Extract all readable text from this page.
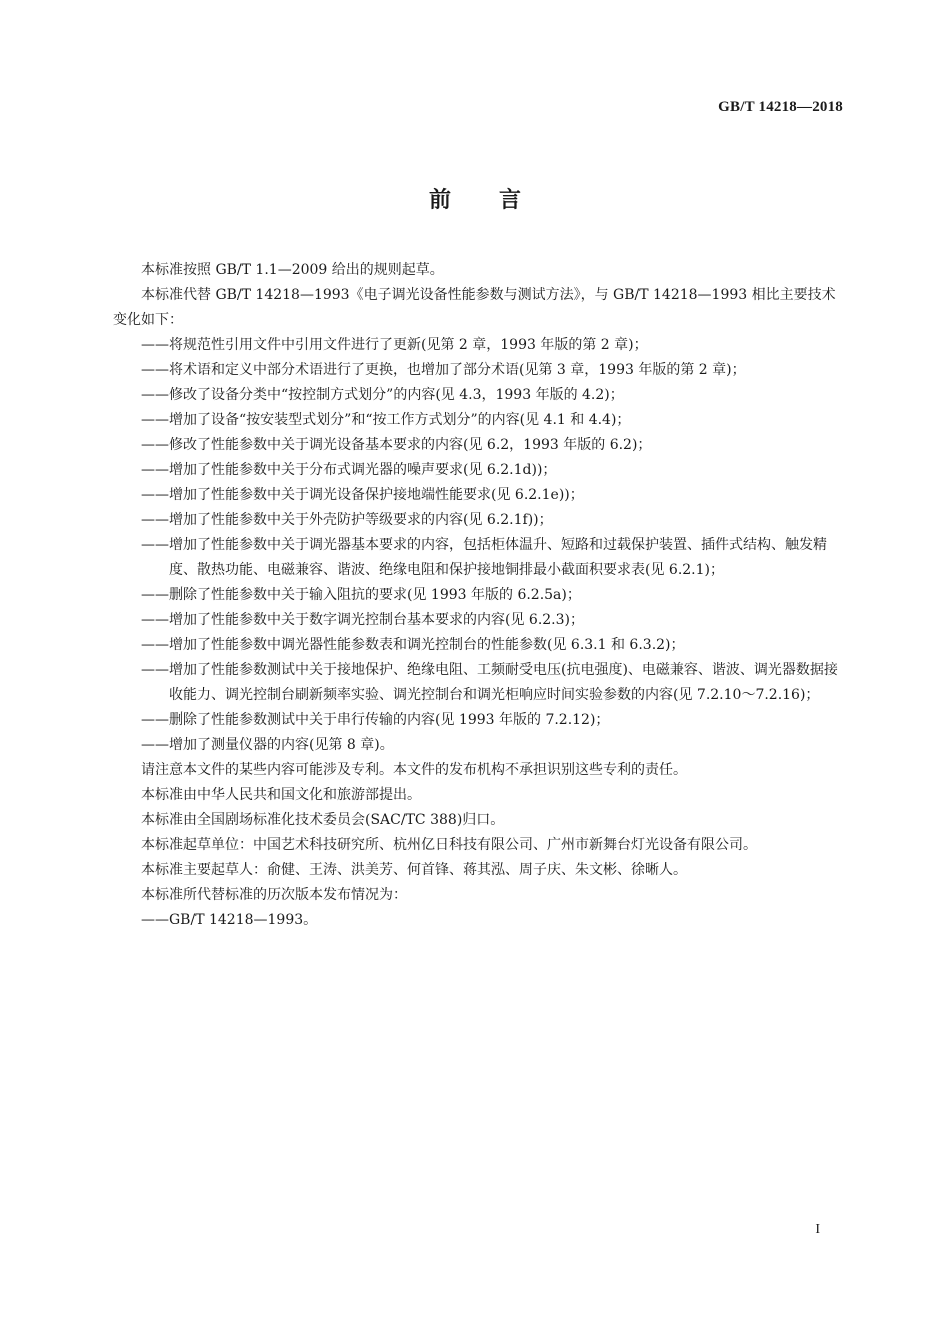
GB/T 14218—2018
前言

本标准按照 GB/T 1.1—2009 给出的规则起草。

本标准代替 GB/T 14218—1993《电子调光设备性能参数与测试方法》，与 GB/T 14218—1993 相比主要技术变化如下：

——将规范性引用文件中引用文件进行了更新(见第 2 章，1993 年版的第 2 章)；

——将术语和定义中部分术语进行了更换，也增加了部分术语(见第 3 章，1993 年版的第 2 章)；

——修改了设备分类中“按控制方式划分”的内容(见 4.3，1993 年版的 4.2)；

——增加了设备“按安装型式划分”和“按工作方式划分”的内容(见 4.1 和 4.4)；

——修改了性能参数中关于调光设备基本要求的内容(见 6.2，1993 年版的 6.2)；

——增加了性能参数中关于分布式调光器的噪声要求(见 6.2.1d))；

——增加了性能参数中关于调光设备保护接地端性能要求(见 6.2.1e))；

——增加了性能参数中关于外壳防护等级要求的内容(见 6.2.1f))；

——增加了性能参数中关于调光器基本要求的内容，包括柜体温升、短路和过载保护装置、插件式结构、触发精度、散热功能、电磁兼容、谐波、绝缘电阻和保护接地铜排最小截面积要求表(见 6.2.1)；

——删除了性能参数中关于输入阻抗的要求(见 1993 年版的 6.2.5a)；

——增加了性能参数中关于数字调光控制台基本要求的内容(见 6.2.3)；

——增加了性能参数中调光器性能参数表和调光控制台的性能参数(见 6.3.1 和 6.3.2)；

——增加了性能参数测试中关于接地保护、绝缘电阻、工频耐受电压(抗电强度)、电磁兼容、谐波、调光器数据接收能力、调光控制台刷新频率实验、调光控制台和调光柜响应时间实验参数的内容(见 7.2.10～7.2.16)；

——删除了性能参数测试中关于串行传输的内容(见 1993 年版的 7.2.12)；

——增加了测量仪器的内容(见第 8 章)。

请注意本文件的某些内容可能涉及专利。本文件的发布机构不承担识别这些专利的责任。

本标准由中华人民共和国文化和旅游部提出。

本标准由全国剧场标准化技术委员会(SAC/TC 388)归口。

本标准起草单位：中国艺术科技研究所、杭州亿日科技有限公司、广州市新舞台灯光设备有限公司。

本标准主要起草人：俞健、王涛、洪美芳、何首锋、蒋其泓、周子庆、朱文彬、徐晰人。

本标准所代替标准的历次版本发布情况为：

——GB/T 14218—1993。

I
